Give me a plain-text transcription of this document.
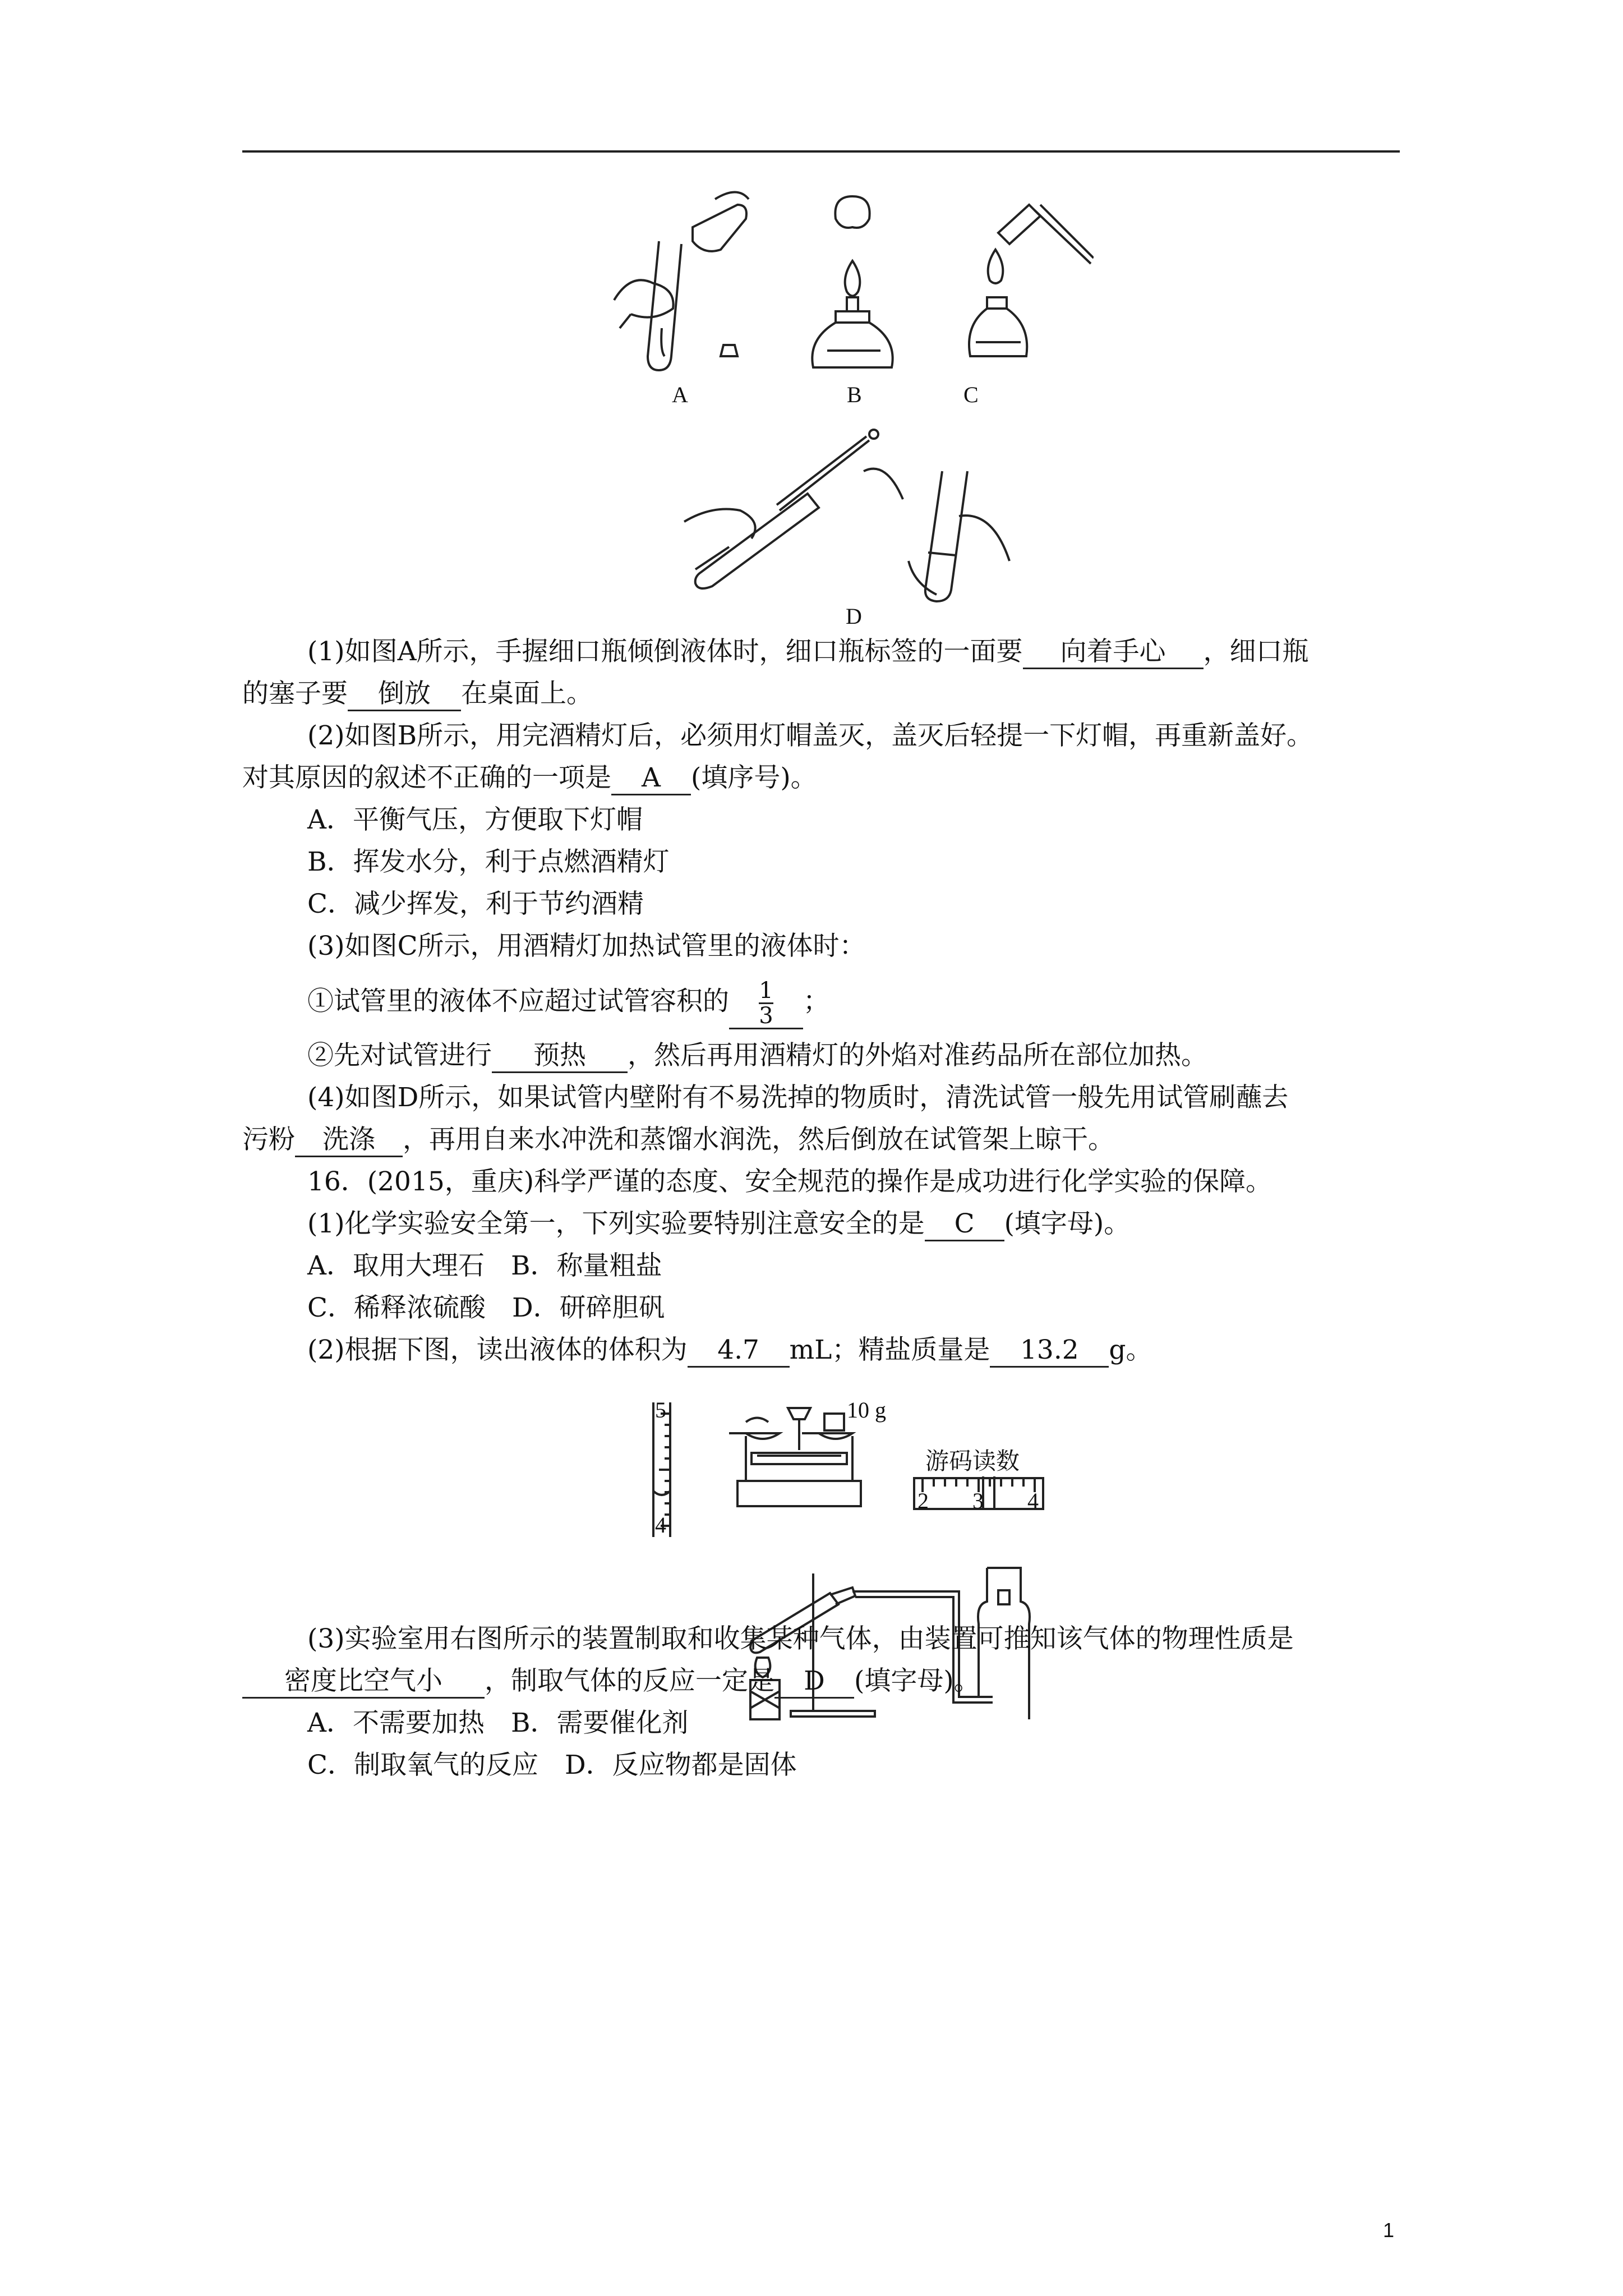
A	B	C
D
(1)如图A所示，手握细口瓶倾倒液体时，细口瓶标签的一面要 向着手心 ，细口瓶
的塞子要 倒放 在桌面上。
(2)如图B所示，用完酒精灯后，必须用灯帽盖灭，盖灭后轻提一下灯帽，再重新盖好。
对其原因的叙述不正确的一项是 A (填序号)。
A．平衡气压，方便取下灯帽
B．挥发水分，利于点燃酒精灯
C．减少挥发，利于节约酒精
(3)如图C所示，用酒精灯加热试管里的液体时：
①试管里的液体不应超过试管容积的 $\frac{1}{3}$ ；
②先对试管进行 预热 ，然后再用酒精灯的外焰对准药品所在部位加热。
(4)如图D所示，如果试管内壁附有不易洗掉的物质时，清洗试管一般先用试管刷蘸去
污粉 洗涤 ，再用自来水冲洗和蒸馏水润洗，然后倒放在试管架上晾干。
16．(2015，重庆)科学严谨的态度、安全规范的操作是成功进行化学实验的保障。
(1)化学实验安全第一，下列实验要特别注意安全的是 C (填字母)。
A．取用大理石　B．称量粗盐
C．稀释浓硫酸　D．研碎胆矾
(2)根据下图，读出液体的体积为 4.7 mL；精盐质量是 13.2 g。
5
4
10 g
游码读数
2 3 4
(3)实验室用右图所示的装置制取和收集某种气体，由装置可推知该气体的物理性质是
密度比空气小 ，制取气体的反应一定是 D (填字母)。
A．不需要加热　B．需要催化剂
C．制取氧气的反应　D．反应物都是固体
1
